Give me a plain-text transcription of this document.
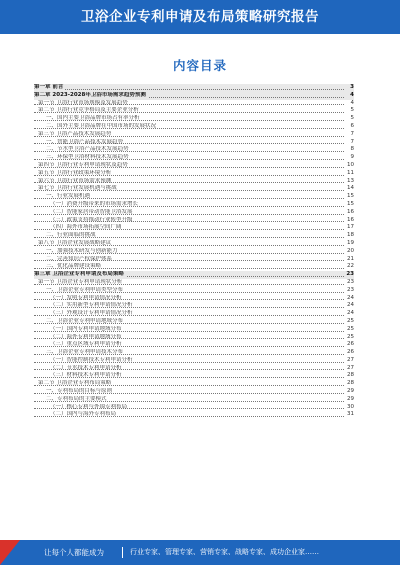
卫浴企业专利申请及布局策略研究报告
内容目录
第一章 前言	3
第二章 2023-2028年卫浴市场需求趋势预测	4
第一节 卫浴行业市场规模及发展趋势	4
第二节 卫浴行业竞争格局及主要企业分析	5
一、国内主要卫浴品牌市场占有率分析	5
二、国外主要卫浴品牌在中国市场的发展状况	6
第三节 卫浴产品技术发展趋势	7
一、智能卫浴产品技术发展趋势	7
二、节水型卫浴产品技术发展趋势	8
三、环保型卫浴材料技术发展趋势	9
第四节 卫浴行业专利申请现状及趋势	10
第五节 卫浴行业政策环境分析	11
第六节 卫浴行业市场需求预测	13
第七节 卫浴行业发展机遇与挑战	14
一、行业发展机遇	15
（一）消费升级带来的市场需求增长	15
（二）智能家居带动智能卫浴发展	16
（三）政策支持推动行业转型升级	16
（四）海外市场拓展空间广阔	17
二、行业面临的挑战	18
第八节 卫浴企业发展战略建议	19
一、加强技术研发与创新能力	20
二、完善知识产权保护体系	21
三、优化品牌建设策略	22
第三章 卫浴企业专利申请及布局策略	23
第一节 卫浴企业专利申请现状分析	23
一、卫浴企业专利申请类型分布	23
（一）发明专利申请情况分析	24
（二）实用新型专利申请情况分析	24
（三）外观设计专利申请情况分析	24
二、卫浴企业专利申请地域分布	25
（一）国内专利申请地域分布	25
（二）海外专利申请地域分布	25
（三）重点区域专利申请分析	26
三、卫浴企业专利申请技术分布	26
（一）智能控制技术专利申请分析	27
（二）节水技术专利申请分析	27
（三）材料技术专利申请分析	28
第二节 卫浴企业专利布局策略	28
一、专利布局的目标与原则	29
二、专利布局的主要模式	29
（一）核心专利与外围专利布局	30
（二）国内与海外专利布局	31
让每个人都能成为	行业专家、管理专家、营销专家、战略专家、成功企业家……
